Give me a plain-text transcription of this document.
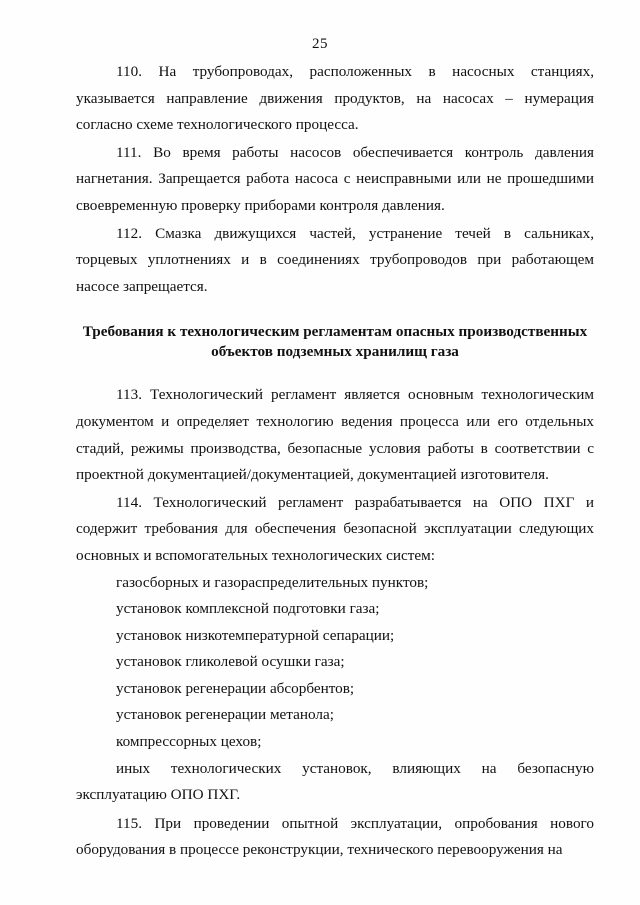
25

110. На трубопроводах, расположенных в насосных станциях, указывается направление движения продуктов, на насосах – нумерация согласно схеме технологического процесса.

111. Во время работы насосов обеспечивается контроль давления нагнетания. Запрещается работа насоса с неисправными или не прошедшими своевременную проверку приборами контроля давления.

112. Смазка движущихся частей, устранение течей в сальниках, торцевых уплотнениях и в соединениях трубопроводов при работающем насосе запрещается.

Требования к технологическим регламентам опасных производственных объектов подземных хранилищ газа

113. Технологический регламент является основным технологическим документом и определяет технологию ведения процесса или его отдельных стадий, режимы производства, безопасные условия работы в соответствии с проектной документацией/документацией, документацией изготовителя.

114. Технологический регламент разрабатывается на ОПО ПХГ и содержит требования для обеспечения безопасной эксплуатации следующих основных и вспомогательных технологических систем:

газосборных и газораспределительных пунктов;

установок комплексной подготовки газа;

установок низкотемпературной сепарации;

установок гликолевой осушки газа;

установок регенерации абсорбентов;

установок регенерации метанола;

компрессорных цехов;

иных технологических установок, влияющих на безопасную эксплуатацию ОПО ПХГ.

115. При проведении опытной эксплуатации, опробования нового оборудования в процессе реконструкции, технического перевооружения на
